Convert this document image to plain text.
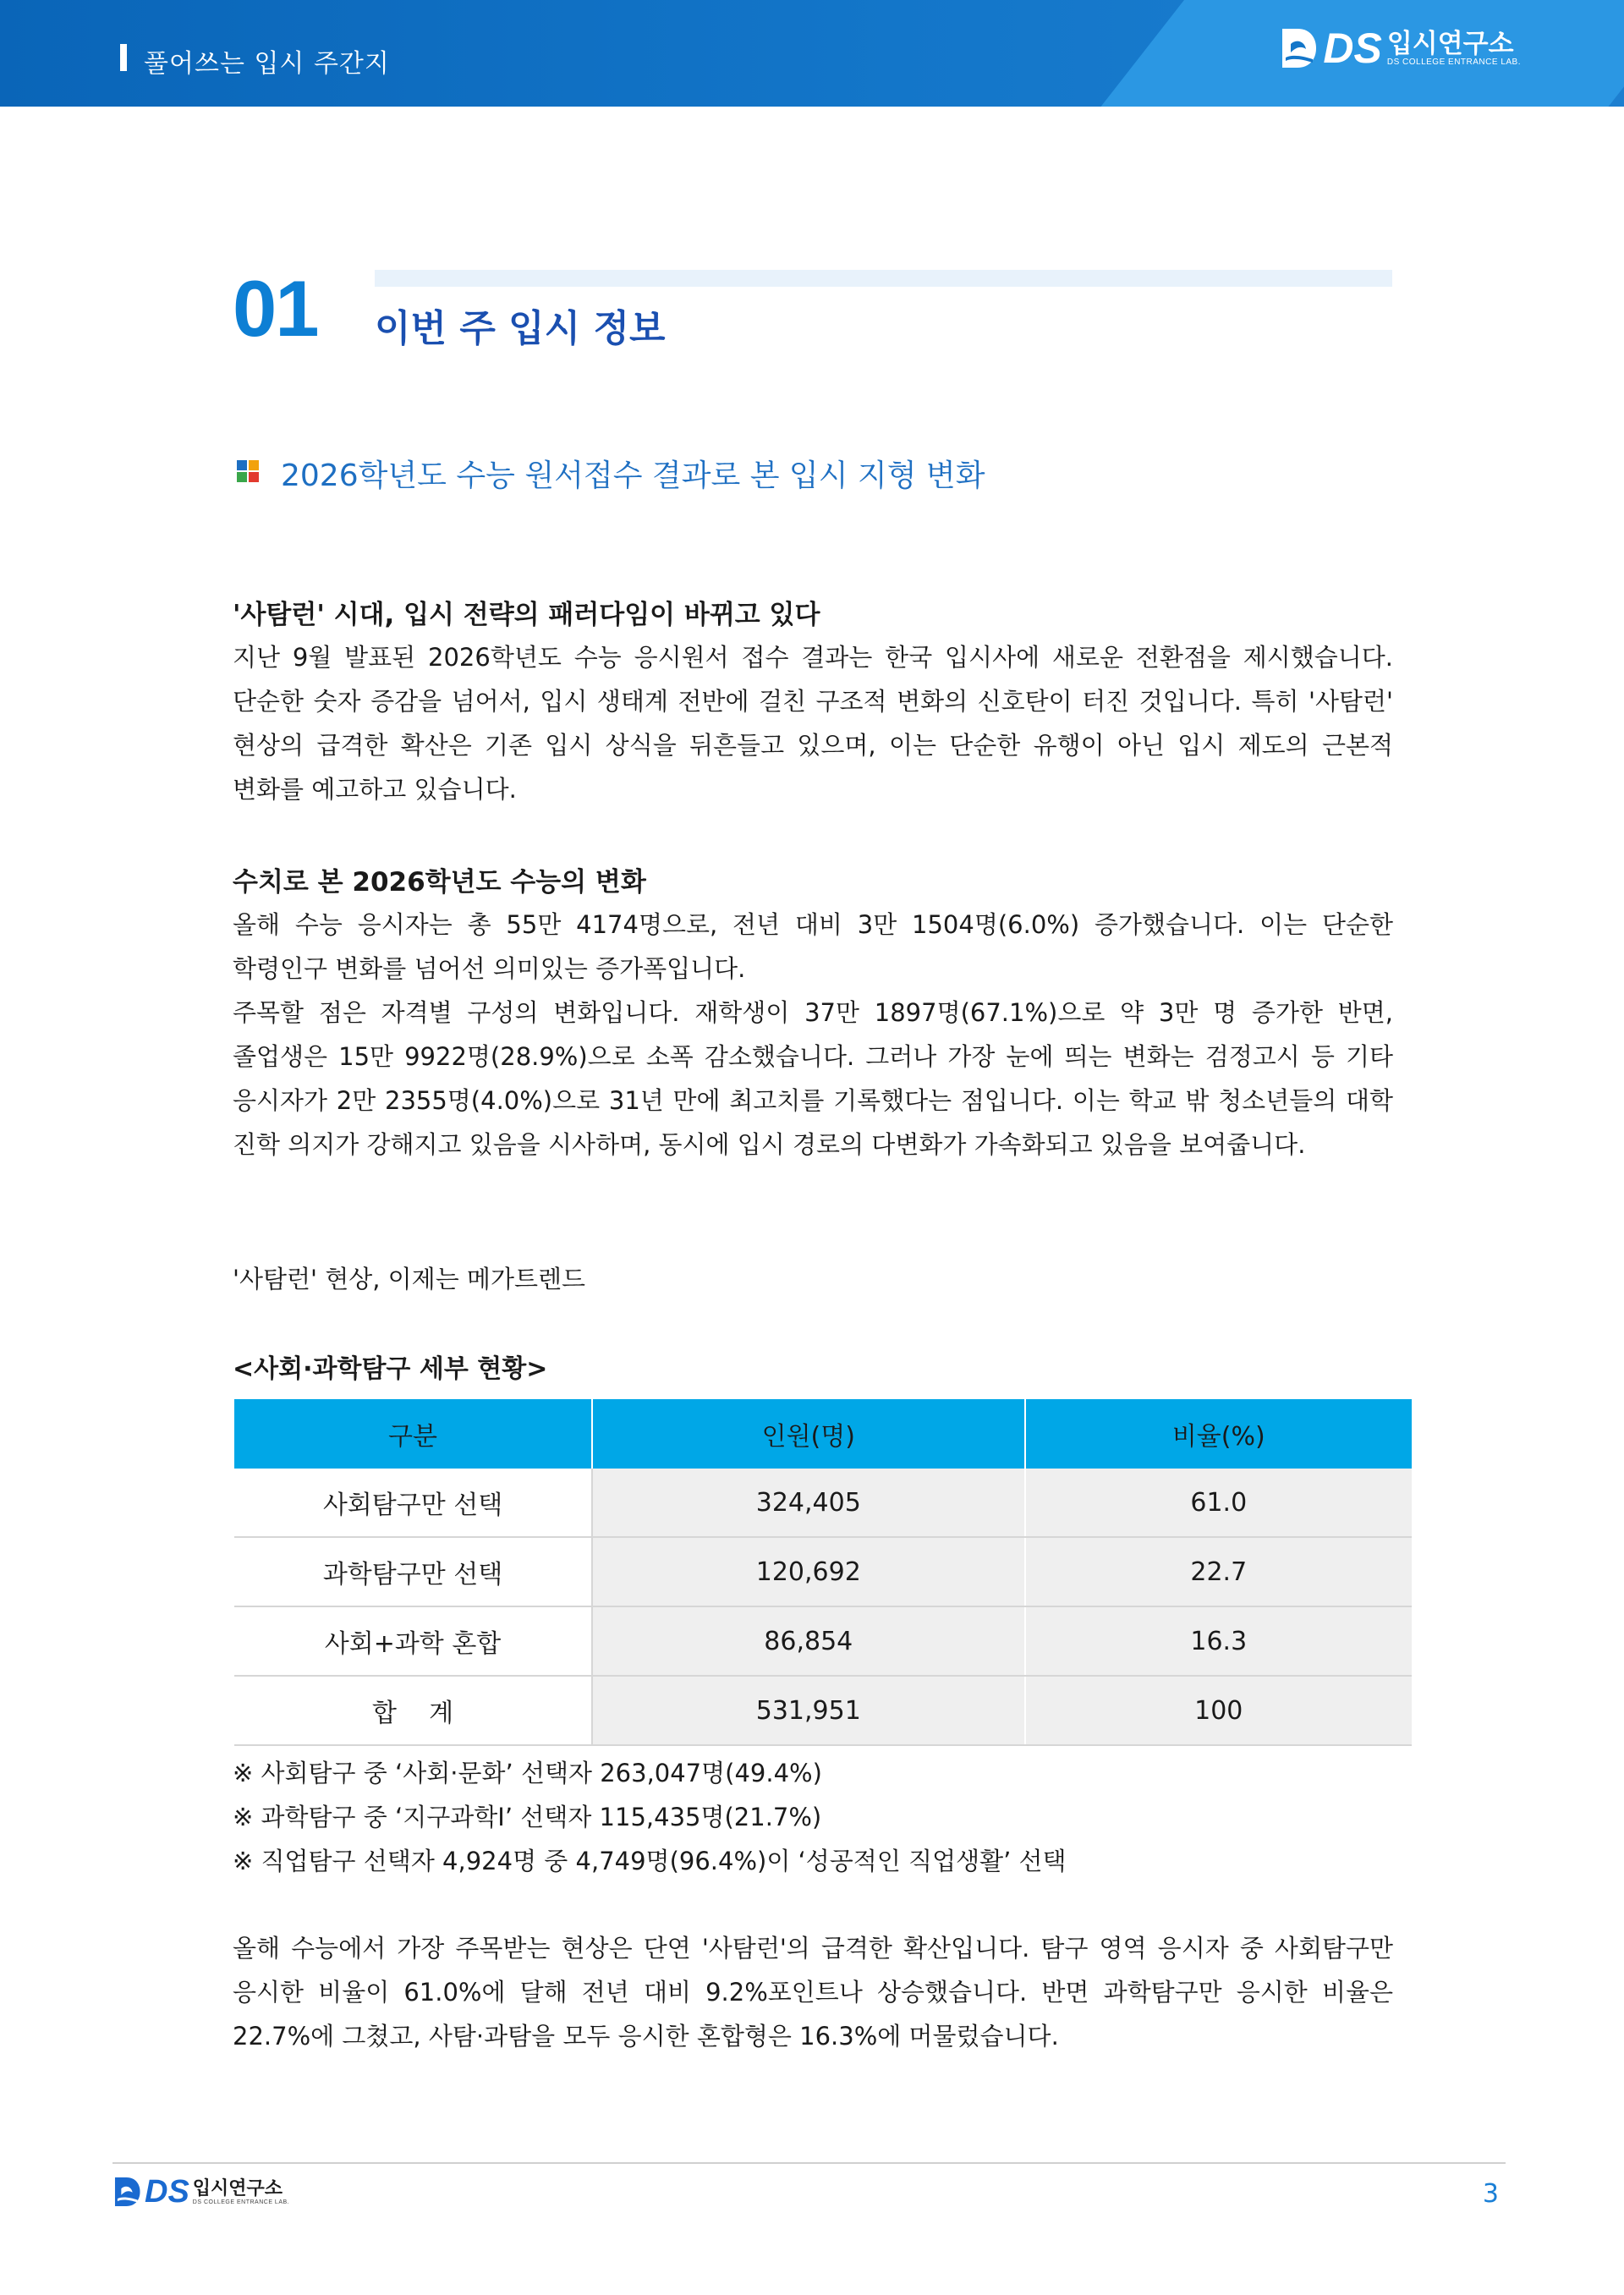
풀어쓰는 입시 주간지	DS 입시연구소
DS COLLEGE ENTRANCE LAB.
01 이번 주 입시 정보
2026학년도 수능 원서접수 결과로 본 입시 지형 변화

'사탐런' 시대, 입시 전략의 패러다임이 바뀌고 있다

지난 9월 발표된 2026학년도 수능 응시원서 접수 결과는 한국 입시사에 새로운 전환점을 제시했습니다. 단순한 숫자 증감을 넘어서, 입시 생태계 전반에 걸친 구조적 변화의 신호탄이 터진 것입니다. 특히 '사탐런' 현상의 급격한 확산은 기존 입시 상식을 뒤흔들고 있으며, 이는 단순한 유행이 아닌 입시 제도의 근본적 변화를 예고하고 있습니다.

수치로 본 2026학년도 수능의 변화

올해 수능 응시자는 총 55만 4174명으로, 전년 대비 3만 1504명(6.0%) 증가했습니다. 이는 단순한 학령인구 변화를 넘어선 의미있는 증가폭입니다.

주목할 점은 자격별 구성의 변화입니다. 재학생이 37만 1897명(67.1%)으로 약 3만 명 증가한 반면, 졸업생은 15만 9922명(28.9%)으로 소폭 감소했습니다. 그러나 가장 눈에 띄는 변화는 검정고시 등 기타 응시자가 2만 2355명(4.0%)으로 31년 만에 최고치를 기록했다는 점입니다. 이는 학교 밖 청소년들의 대학 진학 의지가 강해지고 있음을 시사하며, 동시에 입시 경로의 다변화가 가속화되고 있음을 보여줍니다.

'사탐런' 현상, 이제는 메가트렌드
<사회·과학탐구 세부 현황>
구분	인원(명)	비율(%)
사회탐구만 선택	324,405	61.0
과학탐구만 선택	120,692	22.7
사회+과학 혼합	86,854	16.3
합    계	531,951	100
※ 사회탐구 중 ‘사회·문화’ 선택자 263,047명(49.4%)
※ 과학탐구 중 ‘지구과학Ⅰ’ 선택자 115,435명(21.7%)
※ 직업탐구 선택자 4,924명 중 4,749명(96.4%)이 ‘성공적인 직업생활’ 선택

올해 수능에서 가장 주목받는 현상은 단연 '사탐런'의 급격한 확산입니다. 탐구 영역 응시자 중 사회탐구만 응시한 비율이 61.0%에 달해 전년 대비 9.2%포인트나 상승했습니다. 반면 과학탐구만 응시한 비율은 22.7%에 그쳤고, 사탐·과탐을 모두 응시한 혼합형은 16.3%에 머물렀습니다.

DS 입시연구소
DS COLLEGE ENTRANCE LAB.	3
